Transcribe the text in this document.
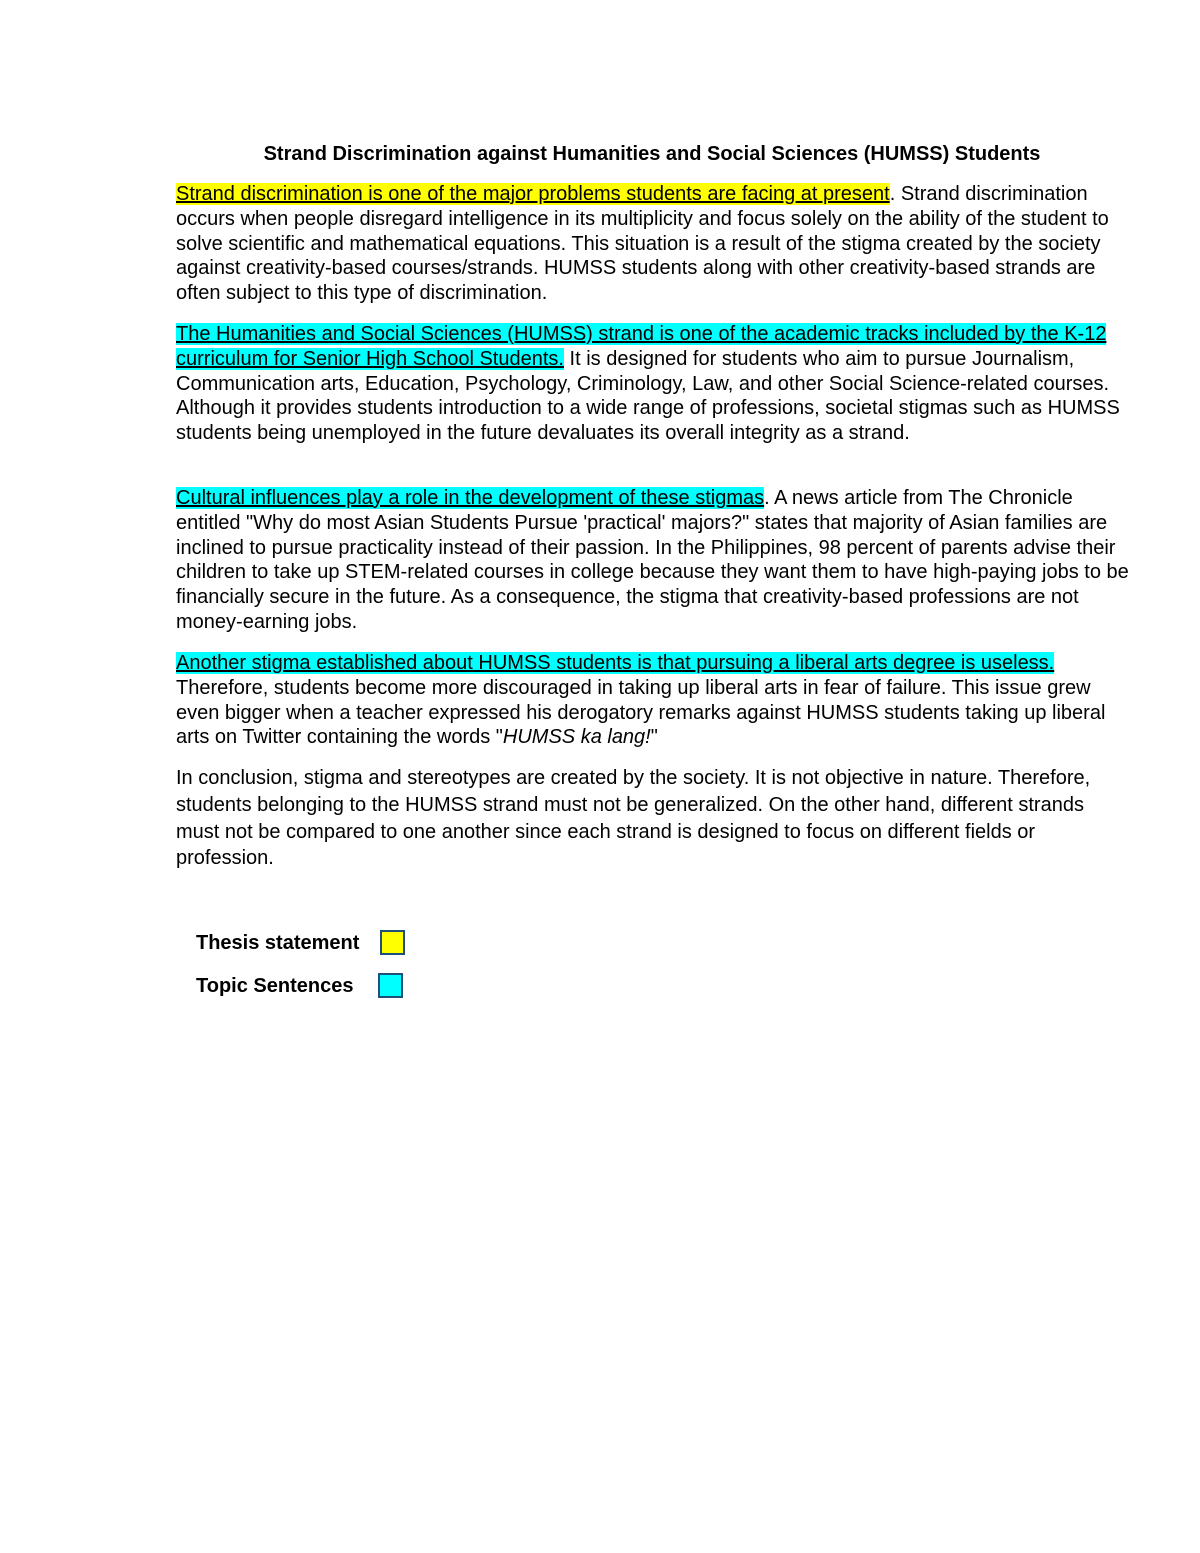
Strand Discrimination against Humanities and Social Sciences (HUMSS) Students

Strand discrimination is one of the major problems students are facing at present. Strand discrimination occurs when people disregard intelligence in its multiplicity and focus solely on the ability of the student to solve scientific and mathematical equations. This situation is a result of the stigma created by the society against creativity-based courses/strands. HUMSS students along with other creativity-based strands are often subject to this type of discrimination.

The Humanities and Social Sciences (HUMSS) strand is one of the academic tracks included by the K-12 curriculum for Senior High School Students. It is designed for students who aim to pursue Journalism, Communication arts, Education, Psychology, Criminology, Law, and other Social Science-related courses. Although it provides students introduction to a wide range of professions, societal stigmas such as HUMSS students being unemployed in the future devaluates its overall integrity as a strand.

Cultural influences play a role in the development of these stigmas. A news article from The Chronicle entitled "Why do most Asian Students Pursue 'practical' majors?" states that majority of Asian families are inclined to pursue practicality instead of their passion. In the Philippines, 98 percent of parents advise their children to take up STEM-related courses in college because they want them to have high-paying jobs to be financially secure in the future. As a consequence, the stigma that creativity-based professions are not money-earning jobs.

Another stigma established about HUMSS students is that pursuing a liberal arts degree is useless. Therefore, students become more discouraged in taking up liberal arts in fear of failure. This issue grew even bigger when a teacher expressed his derogatory remarks against HUMSS students taking up liberal arts on Twitter containing the words "HUMSS ka lang!"

In conclusion, stigma and stereotypes are created by the society. It is not objective in nature. Therefore, students belonging to the HUMSS strand must not be generalized. On the other hand, different strands must not be compared to one another since each strand is designed to focus on different fields or profession.

Thesis statement
Topic Sentences
